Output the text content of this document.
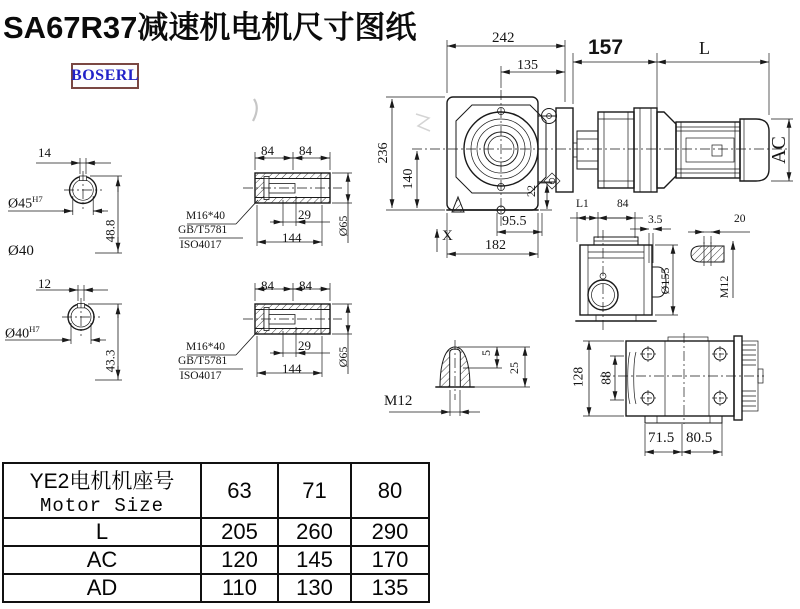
SA67R37减速机电机尺寸图纸
BOSERL
14
$Ø45^{H7}$
48.8
Ø40
12
$Ø40^{H7}$
43.3
84 84
29
144
M16*40
GB/T5781
ISO4017
Ø65
84 84
29
144
M16*40
GB/T5781
ISO4017
Ø65
242
135
157	L
236
140
22
95.5
X
182
AC
L1 84
3.5	20
Ø155	M12
5
25
M12
128 88
71.5 80.5
YE2电机机座号
Motor Size	63	71	80
L	205	260	290
AC	120	145	170
AD	110	130	135
